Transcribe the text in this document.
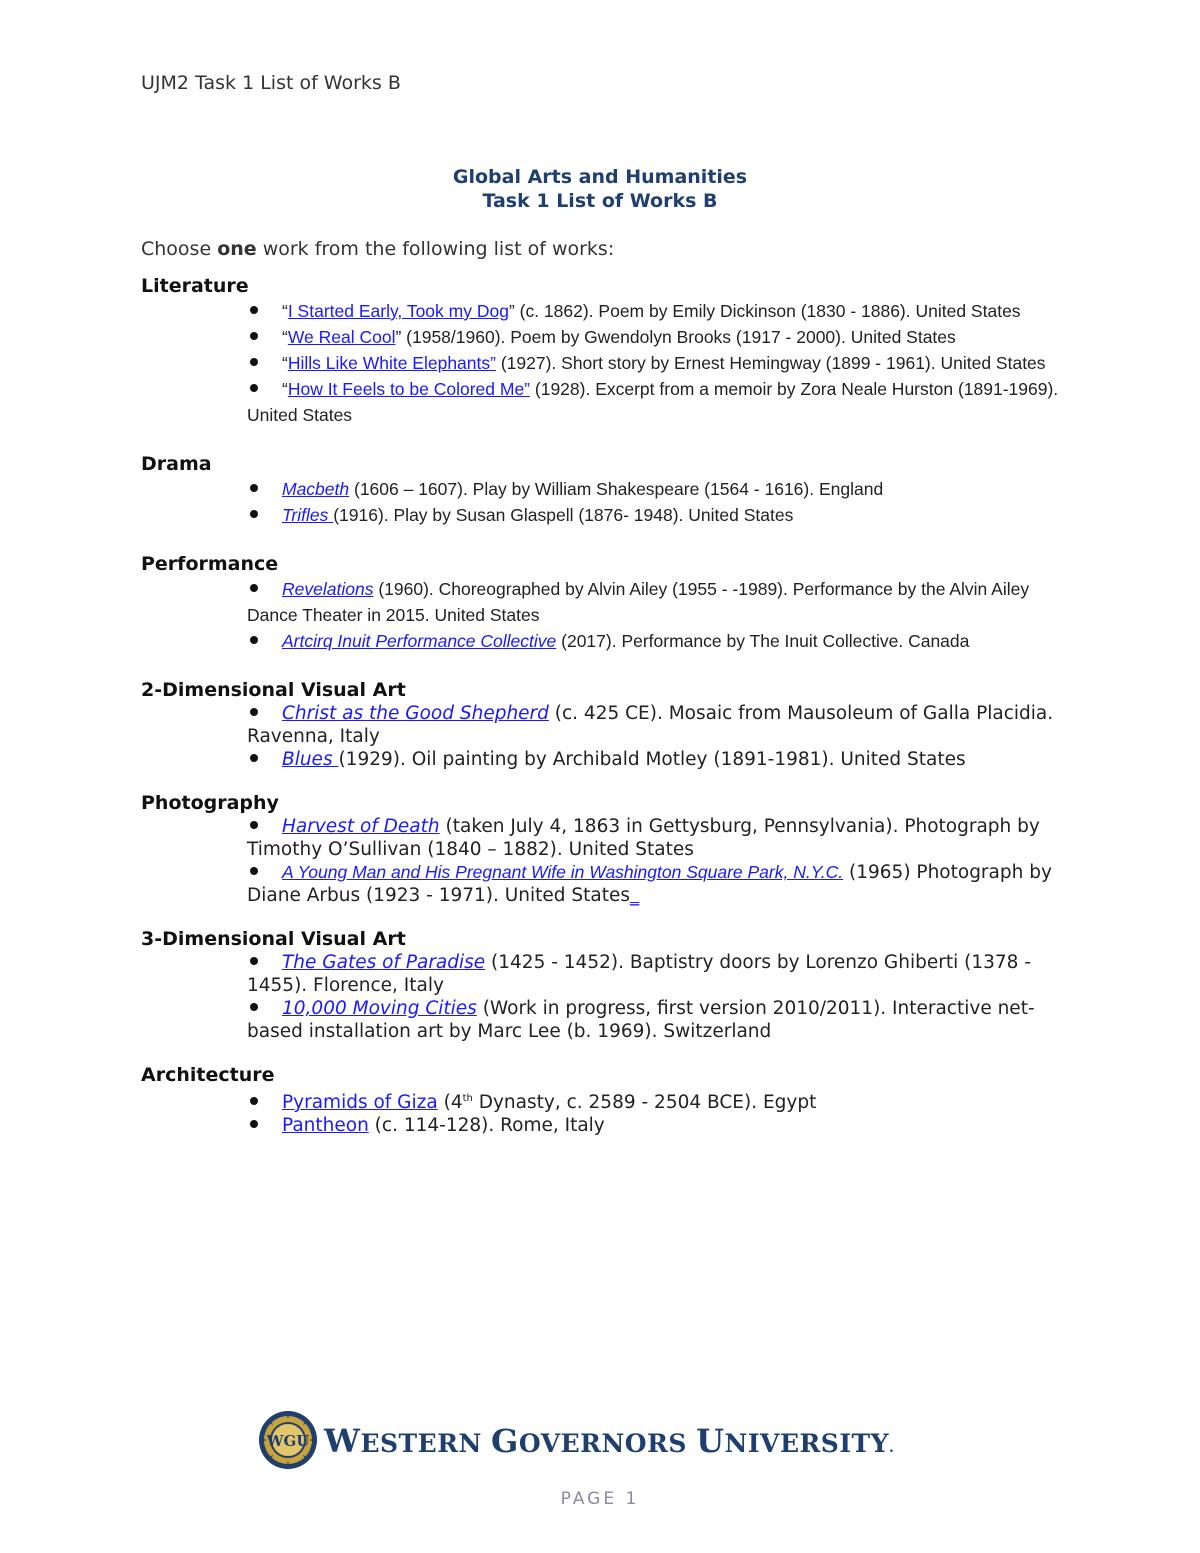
UJM2 Task 1 List of Works B
Global Arts and Humanities
Task 1 List of Works B

Choose one work from the following list of works:

Literature
“I Started Early, Took my Dog” (c. 1862). Poem by Emily Dickinson (1830 - 1886). United States
“We Real Cool” (1958/1960). Poem by Gwendolyn Brooks (1917 - 2000). United States
“Hills Like White Elephants” (1927). Short story by Ernest Hemingway (1899 - 1961). United States
“How It Feels to be Colored Me” (1928). Excerpt from a memoir by Zora Neale Hurston (1891-1969). United States
Drama
Macbeth (1606 – 1607). Play by William Shakespeare (1564 - 1616). England
Trifles (1916). Play by Susan Glaspell (1876- 1948). United States
Performance
Revelations (1960). Choreographed by Alvin Ailey (1955 - -1989). Performance by the Alvin Ailey Dance Theater in 2015. United States
Artcirq Inuit Performance Collective (2017). Performance by The Inuit Collective. Canada
2-Dimensional Visual Art
Christ as the Good Shepherd (c. 425 CE). Mosaic from Mausoleum of Galla Placidia. Ravenna, Italy
Blues (1929). Oil painting by Archibald Motley (1891-1981). United States
Photography
Harvest of Death (taken July 4, 1863 in Gettysburg, Pennsylvania). Photograph by Timothy O’Sullivan (1840 – 1882). United States
A Young Man and His Pregnant Wife in Washington Square Park, N.Y.C. (1965) Photograph by Diane Arbus (1923 - 1971). United States_
3-Dimensional Visual Art
The Gates of Paradise (1425 - 1452). Baptistry doors by Lorenzo Ghiberti (1378 - 1455). Florence, Italy
10,000 Moving Cities (Work in progress, first version 2010/2011). Interactive net-based installation art by Marc Lee (b. 1969). Switzerland
Architecture
Pyramids of Giza (4th Dynasty, c. 2589 - 2504 BCE). Egypt
Pantheon (c. 114-128). Rome, Italy
WGU WESTERN GOVERNORS UNIVERSITY.
PAGE 1
